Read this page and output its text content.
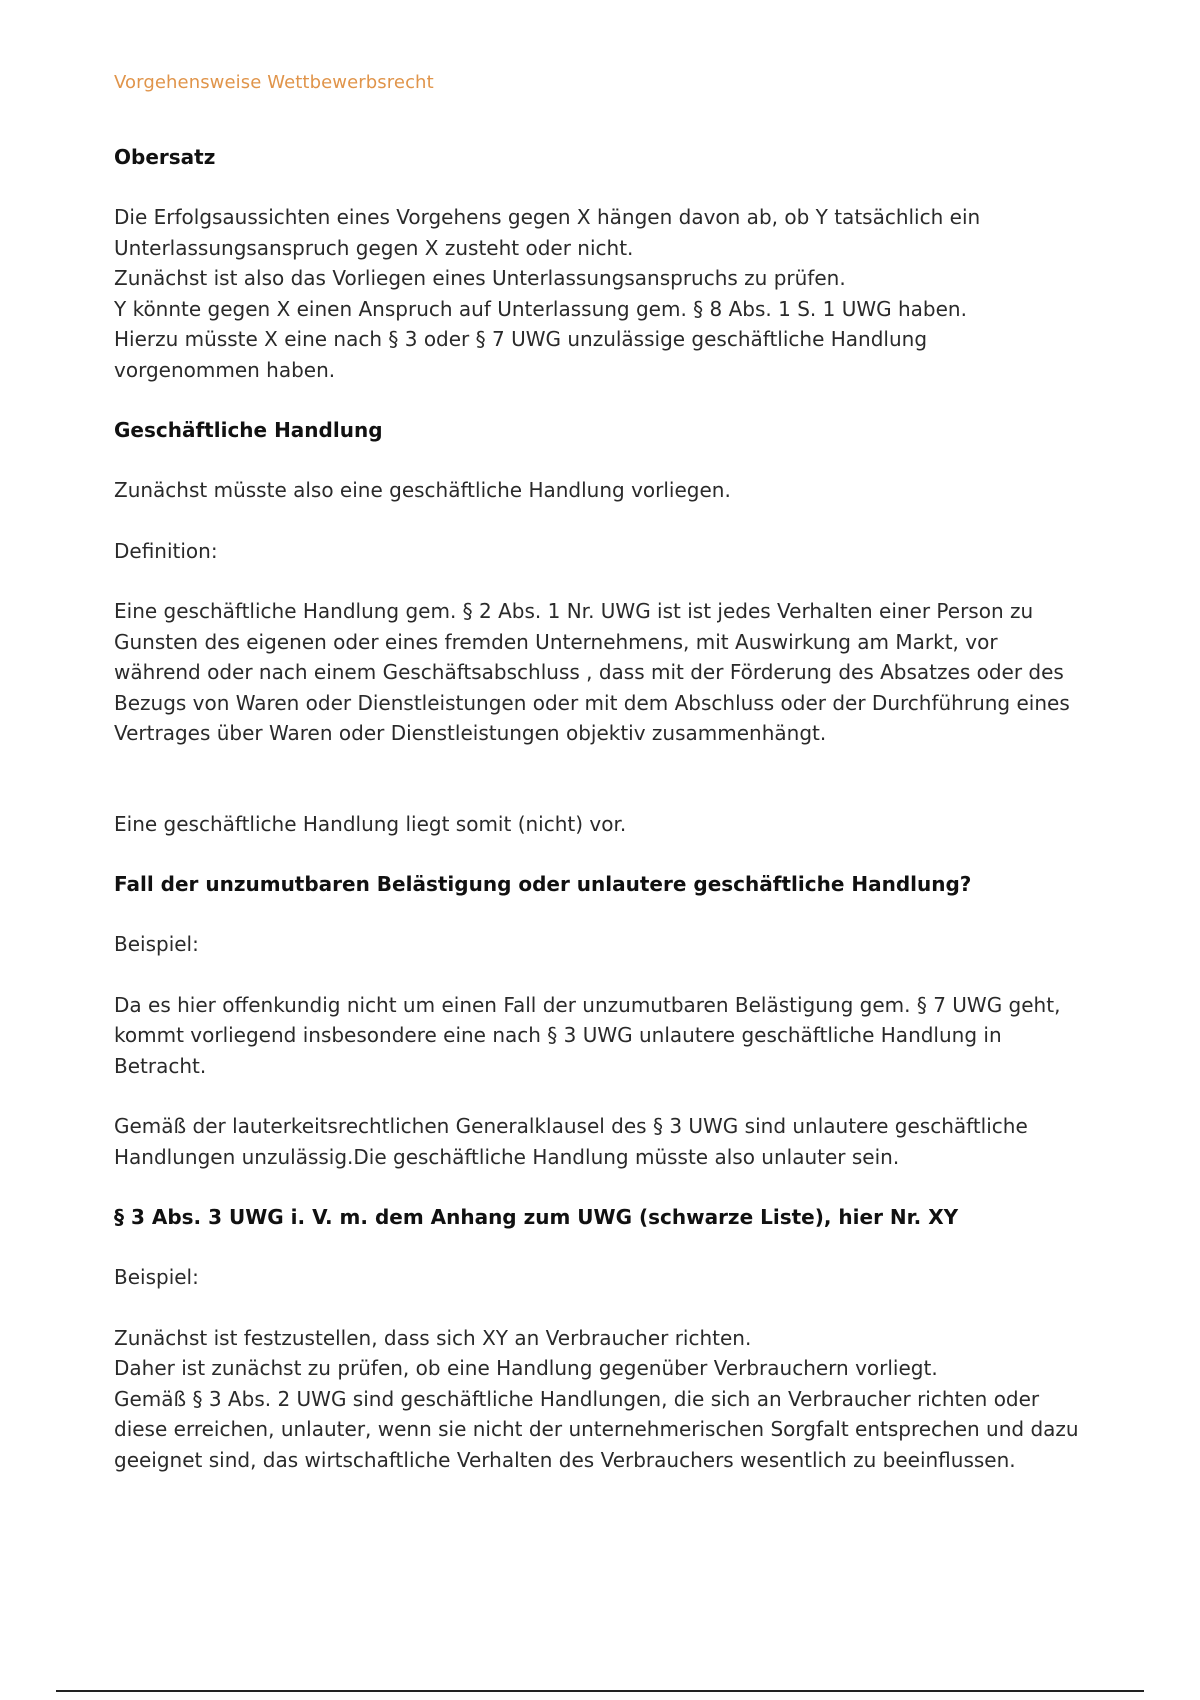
Vorgehensweise Wettbewerbsrecht

Obersatz

Die Erfolgsaussichten eines Vorgehens gegen X hängen davon ab, ob Y tatsächlich ein

Unterlassungsanspruch gegen X zusteht oder nicht.

Zunächst ist also das Vorliegen eines Unterlassungsanspruchs zu prüfen.

Y könnte gegen X einen Anspruch auf Unterlassung gem. § 8 Abs. 1 S. 1 UWG haben.

Hierzu müsste X eine nach § 3 oder § 7 UWG unzulässige geschäftliche Handlung

vorgenommen haben.

Geschäftliche Handlung

Zunächst müsste also eine geschäftliche Handlung vorliegen.

Definition:

Eine geschäftliche Handlung gem. § 2 Abs. 1 Nr. UWG ist ist jedes Verhalten einer Person zu

Gunsten des eigenen oder eines fremden Unternehmens, mit Auswirkung am Markt, vor

während oder nach einem Geschäftsabschluss , dass mit der Förderung des Absatzes oder des

Bezugs von Waren oder Dienstleistungen oder mit dem Abschluss oder der Durchführung eines

Vertrages über Waren oder Dienstleistungen objektiv zusammenhängt.

Eine geschäftliche Handlung liegt somit (nicht) vor.

Fall der unzumutbaren Belästigung oder unlautere geschäftliche Handlung?

Beispiel:

Da es hier offenkundig nicht um einen Fall der unzumutbaren Belästigung gem. § 7 UWG geht,

kommt vorliegend insbesondere eine nach § 3 UWG unlautere geschäftliche Handlung in

Betracht.

Gemäß der lauterkeitsrechtlichen Generalklausel des § 3 UWG sind unlautere geschäftliche

Handlungen unzulässig.Die geschäftliche Handlung müsste also unlauter sein.

§ 3 Abs. 3 UWG i. V. m. dem Anhang zum UWG (schwarze Liste), hier Nr. XY

Beispiel:

Zunächst ist festzustellen, dass sich XY an Verbraucher richten.

Daher ist zunächst zu prüfen, ob eine Handlung gegenüber Verbrauchern vorliegt.

Gemäß § 3 Abs. 2 UWG sind geschäftliche Handlungen, die sich an Verbraucher richten oder

diese erreichen, unlauter, wenn sie nicht der unternehmerischen Sorgfalt entsprechen und dazu

geeignet sind, das wirtschaftliche Verhalten des Verbrauchers wesentlich zu beeinflussen.
